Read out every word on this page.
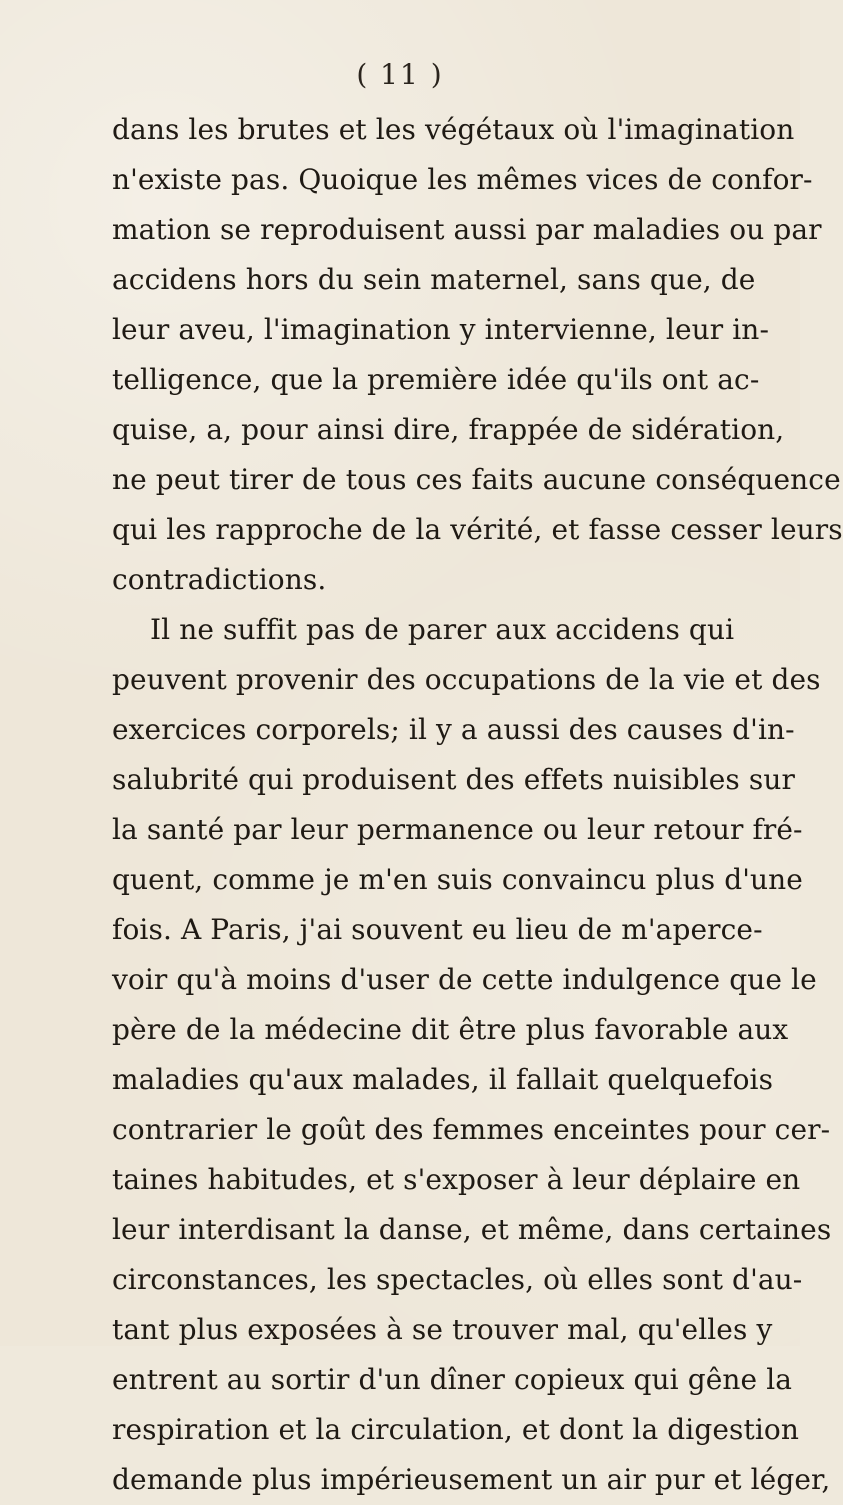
( 11 )
dans les brutes et les végétaux où l'imagination
n'existe pas. Quoique les mêmes vices de confor-
mation se reproduisent aussi par maladies ou par
accidens hors du sein maternel, sans que, de
leur aveu, l'imagination y intervienne, leur in-
telligence, que la première idée qu'ils ont ac-
quise, a, pour ainsi dire, frappée de sidération,
ne peut tirer de tous ces faits aucune conséquence
qui les rapproche de la vérité, et fasse cesser leurs
contradictions.
Il ne suffit pas de parer aux accidens qui
peuvent provenir des occupations de la vie et des
exercices corporels; il y a aussi des causes d'in-
salubrité qui produisent des effets nuisibles sur
la santé par leur permanence ou leur retour fré-
quent, comme je m'en suis convaincu plus d'une
fois. A Paris, j'ai souvent eu lieu de m'aperce-
voir qu'à moins d'user de cette indulgence que le
père de la médecine dit être plus favorable aux
maladies qu'aux malades, il fallait quelquefois
contrarier le goût des femmes enceintes pour cer-
taines habitudes, et s'exposer à leur déplaire en
leur interdisant la danse, et même, dans certaines
circonstances, les spectacles, où elles sont d'au-
tant plus exposées à se trouver mal, qu'elles y
entrent au sortir d'un dîner copieux qui gêne la
respiration et la circulation, et dont la digestion
demande plus impérieusement un air pur et léger,
